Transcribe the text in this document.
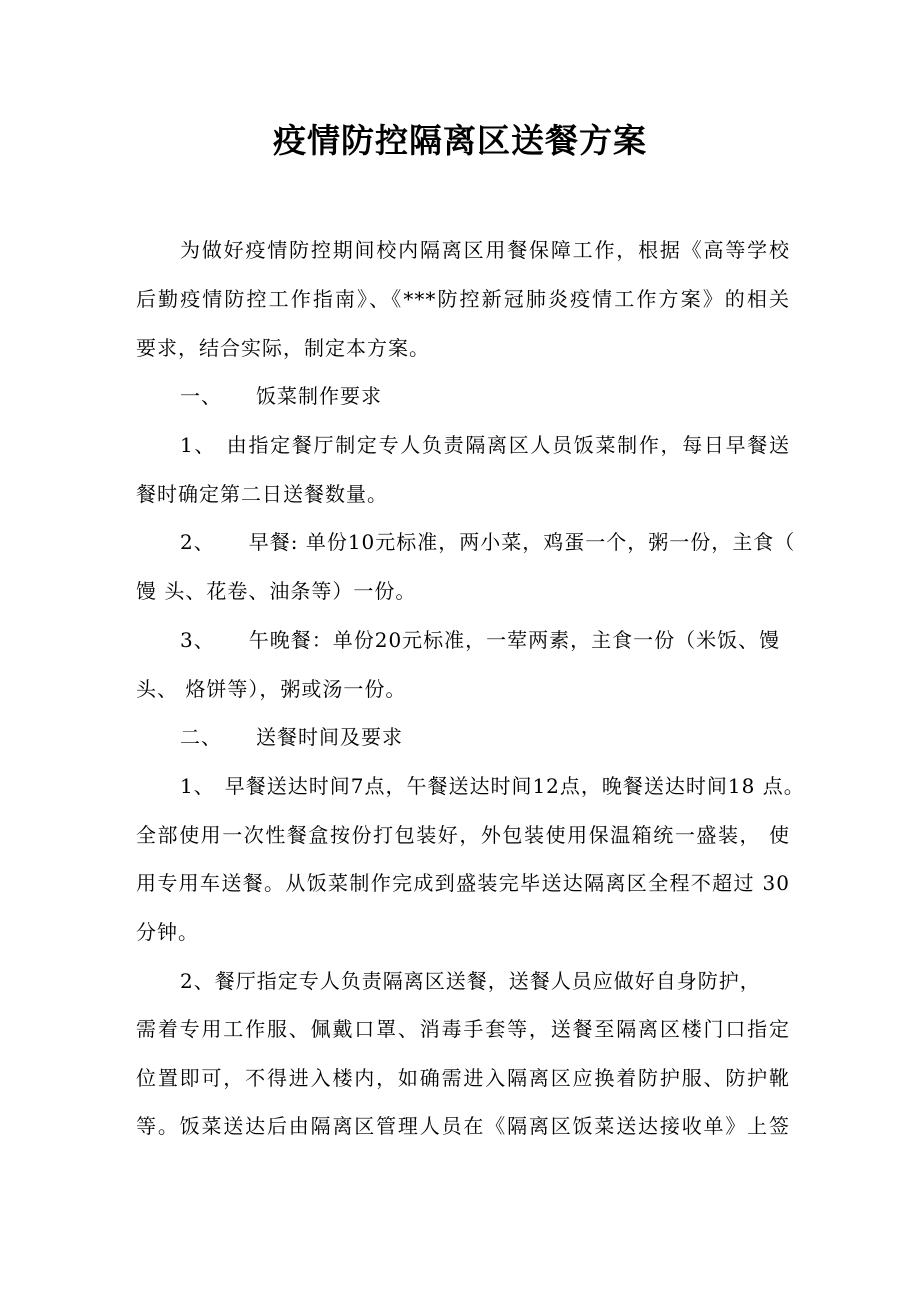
疫情防控隔离区送餐方案
为做好疫情防控期间校内隔离区用餐保障工作，根据《高等学校
后勤疫情防控工作指南》、《***防控新冠肺炎疫情工作方案》的相关
要求，结合实际，制定本方案。
一、 饭菜制作要求
1、 由指定餐厅制定专人负责隔离区人员饭菜制作，每日早餐送
餐时确定第二日送餐数量。
2、 早餐: 单份10元标准，两小菜，鸡蛋一个，粥一份，主食（
馒 头、花卷、油条等）一份。
3、 午晚餐：单份20元标准，一荤两素，主食一份（米饭、馒
头、 烙饼等），粥或汤一份。
二、 送餐时间及要求
1、 早餐送达时间7点，午餐送达时间12点，晚餐送达时间18 点。
全部使用一次性餐盒按份打包装好，外包装使用保温箱统一盛装， 使
用专用车送餐。从饭菜制作完成到盛装完毕送达隔离区全程不超过 30
分钟。
2、餐厅指定专人负责隔离区送餐，送餐人员应做好自身防护，
需着专用工作服、佩戴口罩、消毒手套等，送餐至隔离区楼门口指定
位置即可，不得进入楼内，如确需进入隔离区应换着防护服、防护靴
等。饭菜送达后由隔离区管理人员在《隔离区饭菜送达接收单》上签
